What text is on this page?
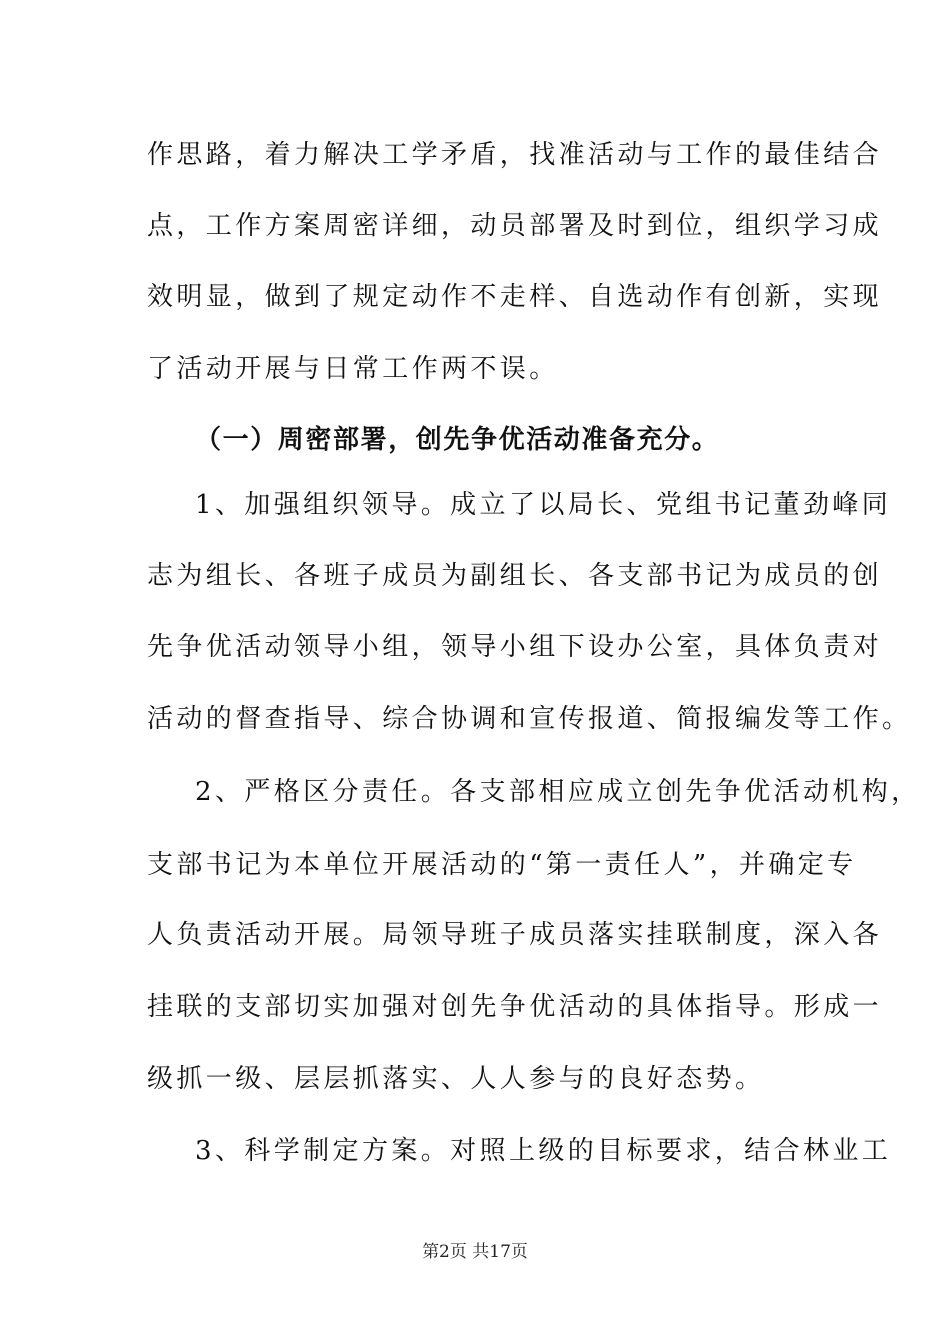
作思路，着力解决工学矛盾，找准活动与工作的最佳结合
点，工作方案周密详细，动员部署及时到位，组织学习成
效明显，做到了规定动作不走样、自选动作有创新，实现
了活动开展与日常工作两不误。
（一）周密部署，创先争优活动准备充分。
1、加强组织领导。成立了以局长、党组书记董劲峰同
志为组长、各班子成员为副组长、各支部书记为成员的创
先争优活动领导小组，领导小组下设办公室，具体负责对
活动的督查指导、综合协调和宣传报道、简报编发等工作。
2、严格区分责任。各支部相应成立创先争优活动机构，
支部书记为本单位开展活动的“第一责任人”，并确定专
人负责活动开展。局领导班子成员落实挂联制度，深入各
挂联的支部切实加强对创先争优活动的具体指导。形成一
级抓一级、层层抓落实、人人参与的良好态势。
3、科学制定方案。对照上级的目标要求，结合林业工
第2页 共17页
